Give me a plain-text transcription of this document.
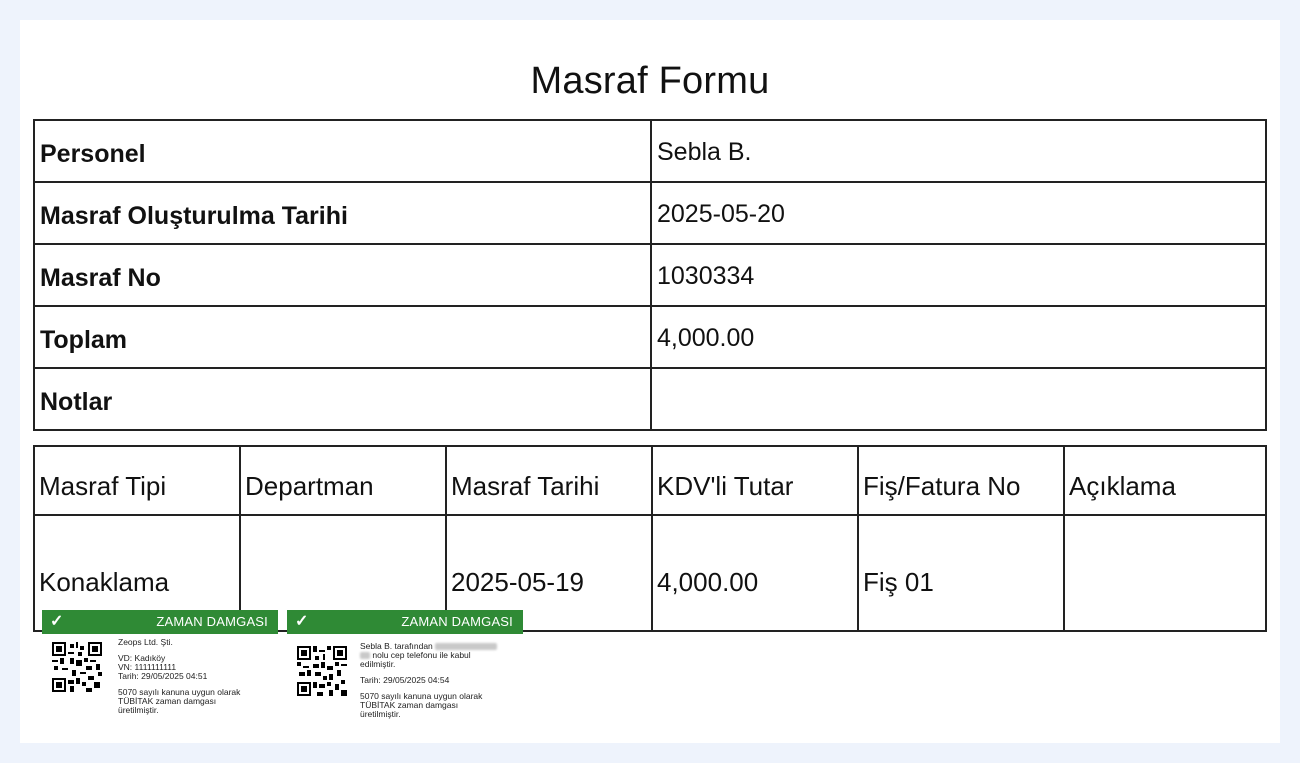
Masraf Formu
Personel	Sebla B.
Masraf Oluşturulma Tarihi	2025-05-20
Masraf No	1030334
Toplam	4,000.00
Notlar	
Masraf Tipi	Departman	Masraf Tarihi	KDV'li Tutar	Fiş/Fatura No	Açıklama
Konaklama		2025-05-19	4,000.00	Fiş 01	
✓	ZAMAN DAMGASI
Zeops Ltd. Şti.
VD: Kadıköy
VN: 1111111111
Tarih: 29/05/2025 04:51
5070 sayılı kanuna uygun olarak
TÜBİTAK zaman damgası
üretilmiştir.
✓	ZAMAN DAMGASI
Sebla B. tarafından
nolu cep telefonu ile kabul
edilmiştir.
Tarih: 29/05/2025 04:54
5070 sayılı kanuna uygun olarak
TÜBİTAK zaman damgası
üretilmiştir.
